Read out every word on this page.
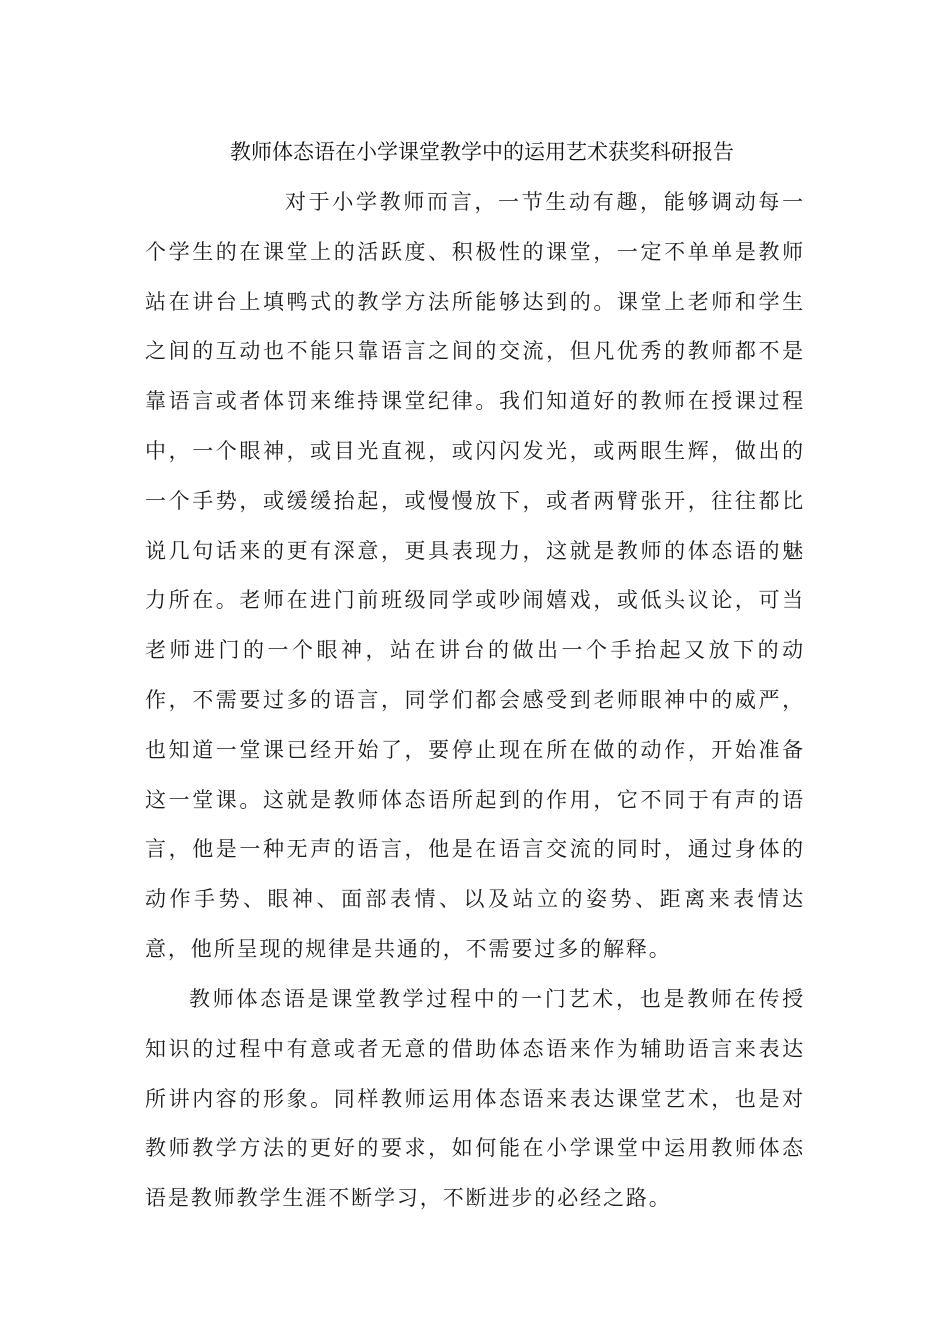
教师体态语在小学课堂教学中的运用艺术获奖科研报告

对于小学教师而言，一节生动有趣，能够调动每一个学生的在课堂上的活跃度、积极性的课堂，一定不单单是教师站在讲台上填鸭式的教学方法所能够达到的。课堂上老师和学生之间的互动也不能只靠语言之间的交流，但凡优秀的教师都不是靠语言或者体罚来维持课堂纪律。我们知道好的教师在授课过程中，一个眼神，或目光直视，或闪闪发光，或两眼生辉，做出的一个手势，或缓缓抬起，或慢慢放下，或者两臂张开，往往都比说几句话来的更有深意，更具表现力，这就是教师的体态语的魅力所在。老师在进门前班级同学或吵闹嬉戏，或低头议论，可当老师进门的一个眼神，站在讲台的做出一个手抬起又放下的动作，不需要过多的语言，同学们都会感受到老师眼神中的威严，也知道一堂课已经开始了，要停止现在所在做的动作，开始准备这一堂课。这就是教师体态语所起到的作用，它不同于有声的语言，他是一种无声的语言，他是在语言交流的同时，通过身体的动作手势、眼神、面部表情、以及站立的姿势、距离来表情达意，他所呈现的规律是共通的，不需要过多的解释。

教师体态语是课堂教学过程中的一门艺术，也是教师在传授知识的过程中有意或者无意的借助体态语来作为辅助语言来表达所讲内容的形象。同样教师运用体态语来表达课堂艺术，也是对教师教学方法的更好的要求，如何能在小学课堂中运用教师体态语是教师教学生涯不断学习，不断进步的必经之路。
